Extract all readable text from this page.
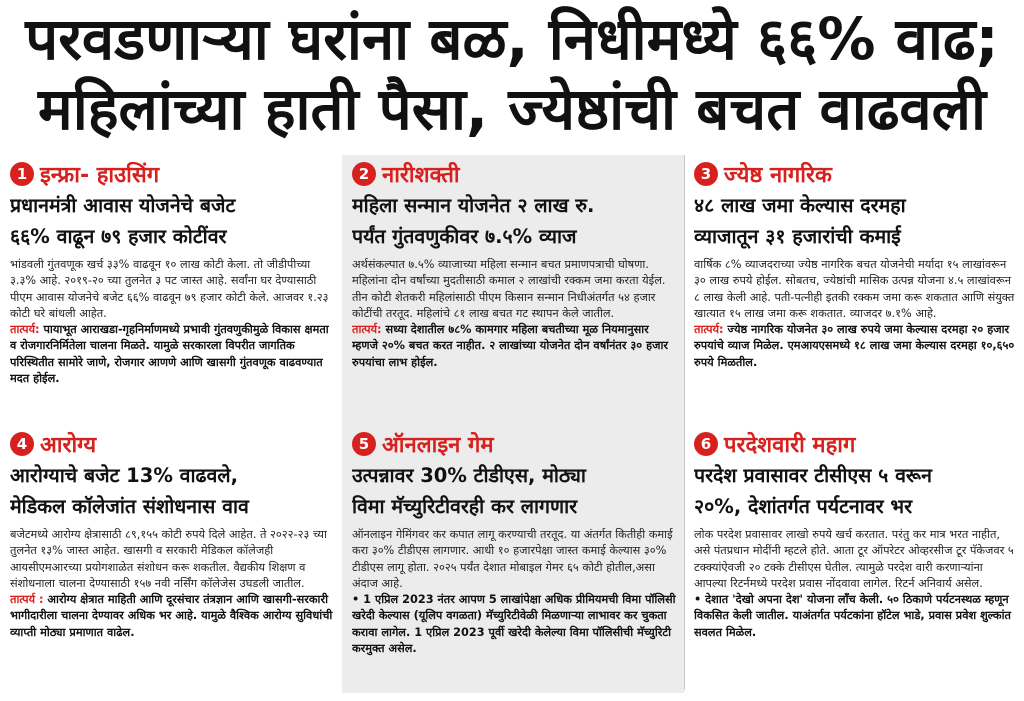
परवडणाऱ्या घरांना बळ, निधीमध्ये ६६% वाढ;
महिलांच्या हाती पैसा, ज्येष्ठांची बचत वाढवली
1 इन्फ्रा- हाउसिंग
प्रधानमंत्री आवास योजनेचे बजेट
६६% वाढून ७९ हजार कोटींवर
भांडवली गुंतवणूक खर्च ३३% वाढवून १० लाख कोटी केला. तो जीडीपीच्या ३.३% आहे. २०१९-२० च्या तुलनेत ३ पट जास्त आहे. सर्वांना घर देण्यासाठी पीएम आवास योजनेचे बजेट ६६% वाढवून ७९ हजार कोटी केले. आजवर १.२३ कोटी घरे बांधली आहेत.
तात्पर्य: पायाभूत आराखडा-गृहनिर्माणमध्ये प्रभावी गुंतवणुकीमुळे विकास क्षमता व रोजगारनिर्मितेला चालना मिळते. यामुळे सरकारला विपरीत जागतिक परिस्थितीत सामोरे जाणे, रोजगार आणणे आणि खासगी गुंतवणूक वाढवण्यात मदत होईल.
4 आरोग्य
आरोग्याचे बजेट 13% वाढवले,
मेडिकल कॉलेजांत संशोधनास वाव
बजेटमध्ये आरोग्य क्षेत्रासाठी ८९,१५५ कोटी रुपये दिले आहेत. ते २०२२-२३ च्या तुलनेत १३% जास्त आहेत. खासगी व सरकारी मेडिकल कॉलेजही आयसीएमआरच्या प्रयोगशाळेत संशोधन करू शकतील. वैद्यकीय शिक्षण व संशोधनाला चालना देण्यासाठी १५७ नवी नर्सिंग कॉलेजेस उघडली जातील.
तात्पर्य : आरोग्य क्षेत्रात माहिती आणि दूरसंचार तंत्रज्ञान आणि खासगी-सरकारी भागीदारीला चालना देण्यावर अधिक भर आहे. यामुळे वैश्विक आरोग्य सुविधांची व्याप्ती मोठ्या प्रमाणात वाढेल.
2 नारीशक्ती
महिला सन्मान योजनेत २ लाख रु.
पर्यंत गुंतवणुकीवर ७.५% व्याज
अर्थसंकल्पात ७.५% व्याजाच्या महिला सन्मान बचत प्रमाणपत्राची घोषणा. महिलांना दोन वर्षांच्या मुदतीसाठी कमाल २ लाखांची रक्कम जमा करता येईल. तीन कोटी शेतकरी महिलांसाठी पीएम किसान सन्मान निधीअंतर्गत ५४ हजार कोटींची तरतूद. महिलांचे ८१ लाख बचत गट स्थापन केले जातील.
तात्पर्य: सध्या देशातील ७८% कामगार महिला बचतीच्या मूळ नियमानुसार म्हणजे २०% बचत करत नाहीत. २ लाखांच्या योजनेत दोन वर्षांनंतर ३० हजार रुपयांचा लाभ होईल.
5 ऑनलाइन गेम
उत्पन्नावर 30% टीडीएस, मोठ्या
विमा मॅच्युरिटीवरही कर लागणार
ऑनलाइन गेमिंगवर कर कपात लागू करण्याची तरतूद. या अंतर्गत कितीही कमाई करा ३०% टीडीएस लागणार. आधी १० हजारपेक्षा जास्त कमाई केल्यास ३०% टीडीएस लागू होता. २०२५ पर्यंत देशात मोबाइल गेमर ६५ कोटी होतील,असा अंदाज आहे.
• 1 एप्रिल 2023 नंतर आपण 5 लाखांपेक्षा अधिक प्रीमियमची विमा पॉलिसी खरेदी केल्यास (यूलिप वगळता) मॅच्युरिटीवेळी मिळणाऱ्या लाभावर कर चुकता करावा लागेल. 1 एप्रिल 2023 पूर्वी खरेदी केलेल्या विमा पॉलिसीची मॅच्युरिटी करमुक्त असेल.
3 ज्येष्ठ नागरिक
४८ लाख जमा केल्यास दरमहा
व्याजातून ३१ हजारांची कमाई
वार्षिक ८% व्याजदराच्या ज्येष्ठ नागरिक बचत योजनेची मर्यादा १५ लाखांवरून ३० लाख रुपये होईल. सोबतच, ज्येष्ठांची मासिक उत्पन्न योजना ४.५ लाखांवरून ८ लाख केली आहे. पती-पत्नीही इतकी रक्कम जमा करू शकतात आणि संयुक्त खात्यात १५ लाख जमा करू शकतात. व्याजदर ७.१% आहे.
तात्पर्य: ज्येष्ठ नागरिक योजनेत ३० लाख रुपये जमा केल्यास दरमहा २० हजार रुपयांचे व्याज मिळेल. एमआयएसमध्ये १८ लाख जमा केल्यास दरमहा १०,६५० रुपये मिळतील.
6 परदेशवारी महाग
परदेश प्रवासावर टीसीएस ५ वरून
२०%, देशांतर्गत पर्यटनावर भर
लोक परदेश प्रवासावर लाखो रुपये खर्च करतात. परंतु कर मात्र भरत नाहीत, असे पंतप्रधान मोदींनी म्हटले होते. आता टूर ऑपरेटर ओव्हरसीज टूर पॅकेजवर ५ टक्क्यांऐवजी २० टक्के टीसीएस घेतील. त्यामुळे परदेश वारी करणाऱ्यांना आपल्या रिटर्नमध्ये परदेश प्रवास नोंदवावा लागेल. रिटर्न अनिवार्य असेल.
• देशात 'देखो अपना देश' योजना लाँच केली. ५० ठिकाणे पर्यटनस्थळ म्हणून विकसित केली जातील. याअंतर्गत पर्यटकांना हॉटेल भाडे, प्रवास प्रवेश शुल्कांत सवलत मिळेल.
